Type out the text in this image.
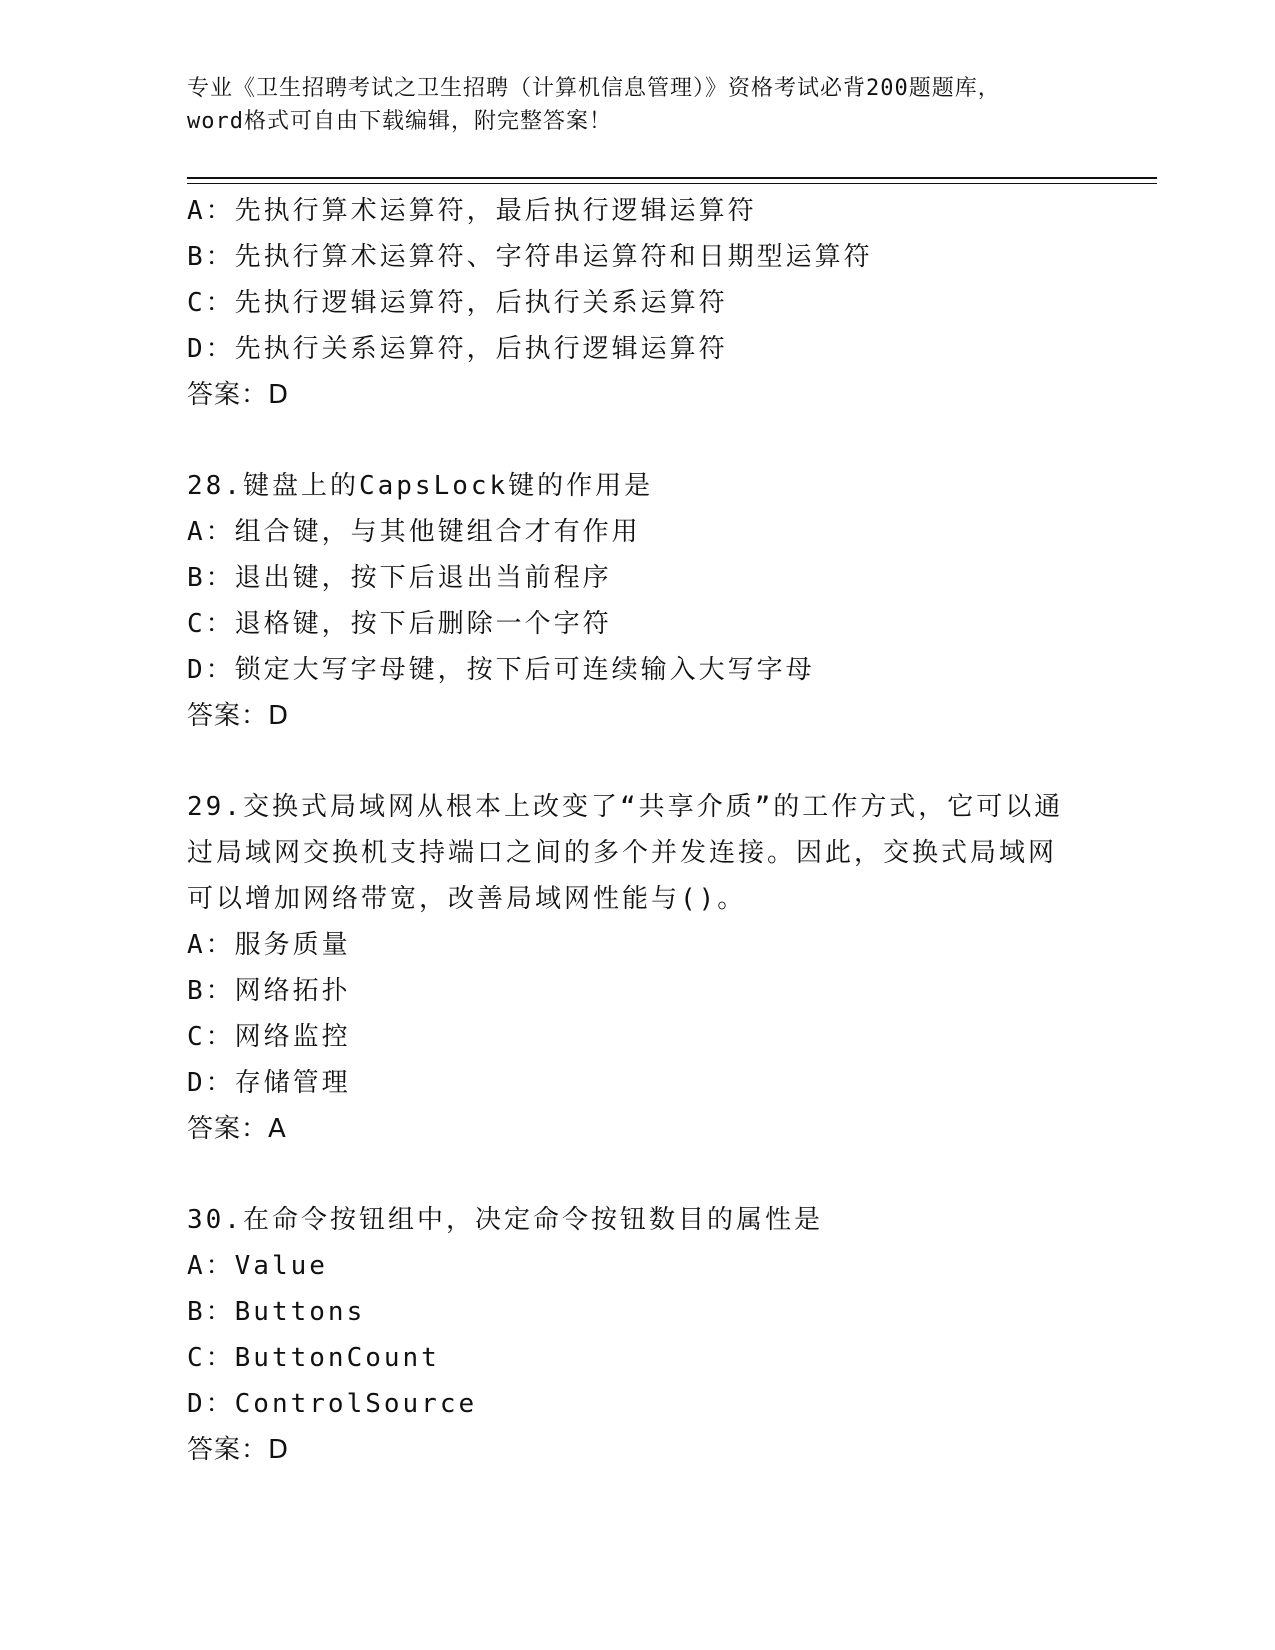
专业《卫生招聘考试之卫生招聘（计算机信息管理）》资格考试必背200题题库，
word格式可自由下载编辑，附完整答案！
A：先执行算术运算符，最后执行逻辑运算符
B：先执行算术运算符、字符串运算符和日期型运算符
C：先执行逻辑运算符，后执行关系运算符
D：先执行关系运算符，后执行逻辑运算符
答案：D
28.键盘上的CapsLock键的作用是
A：组合键，与其他键组合才有作用
B：退出键，按下后退出当前程序
C：退格键，按下后删除一个字符
D：锁定大写字母键，按下后可连续输入大写字母
答案：D
29.交换式局域网从根本上改变了“共享介质”的工作方式，它可以通
过局域网交换机支持端口之间的多个并发连接。因此，交换式局域网
可以增加网络带宽，改善局域网性能与()。
A：服务质量
B：网络拓扑
C：网络监控
D：存储管理
答案：A
30.在命令按钮组中，决定命令按钮数目的属性是
A：Value
B：Buttons
C：ButtonCount
D：ControlSource
答案：D
